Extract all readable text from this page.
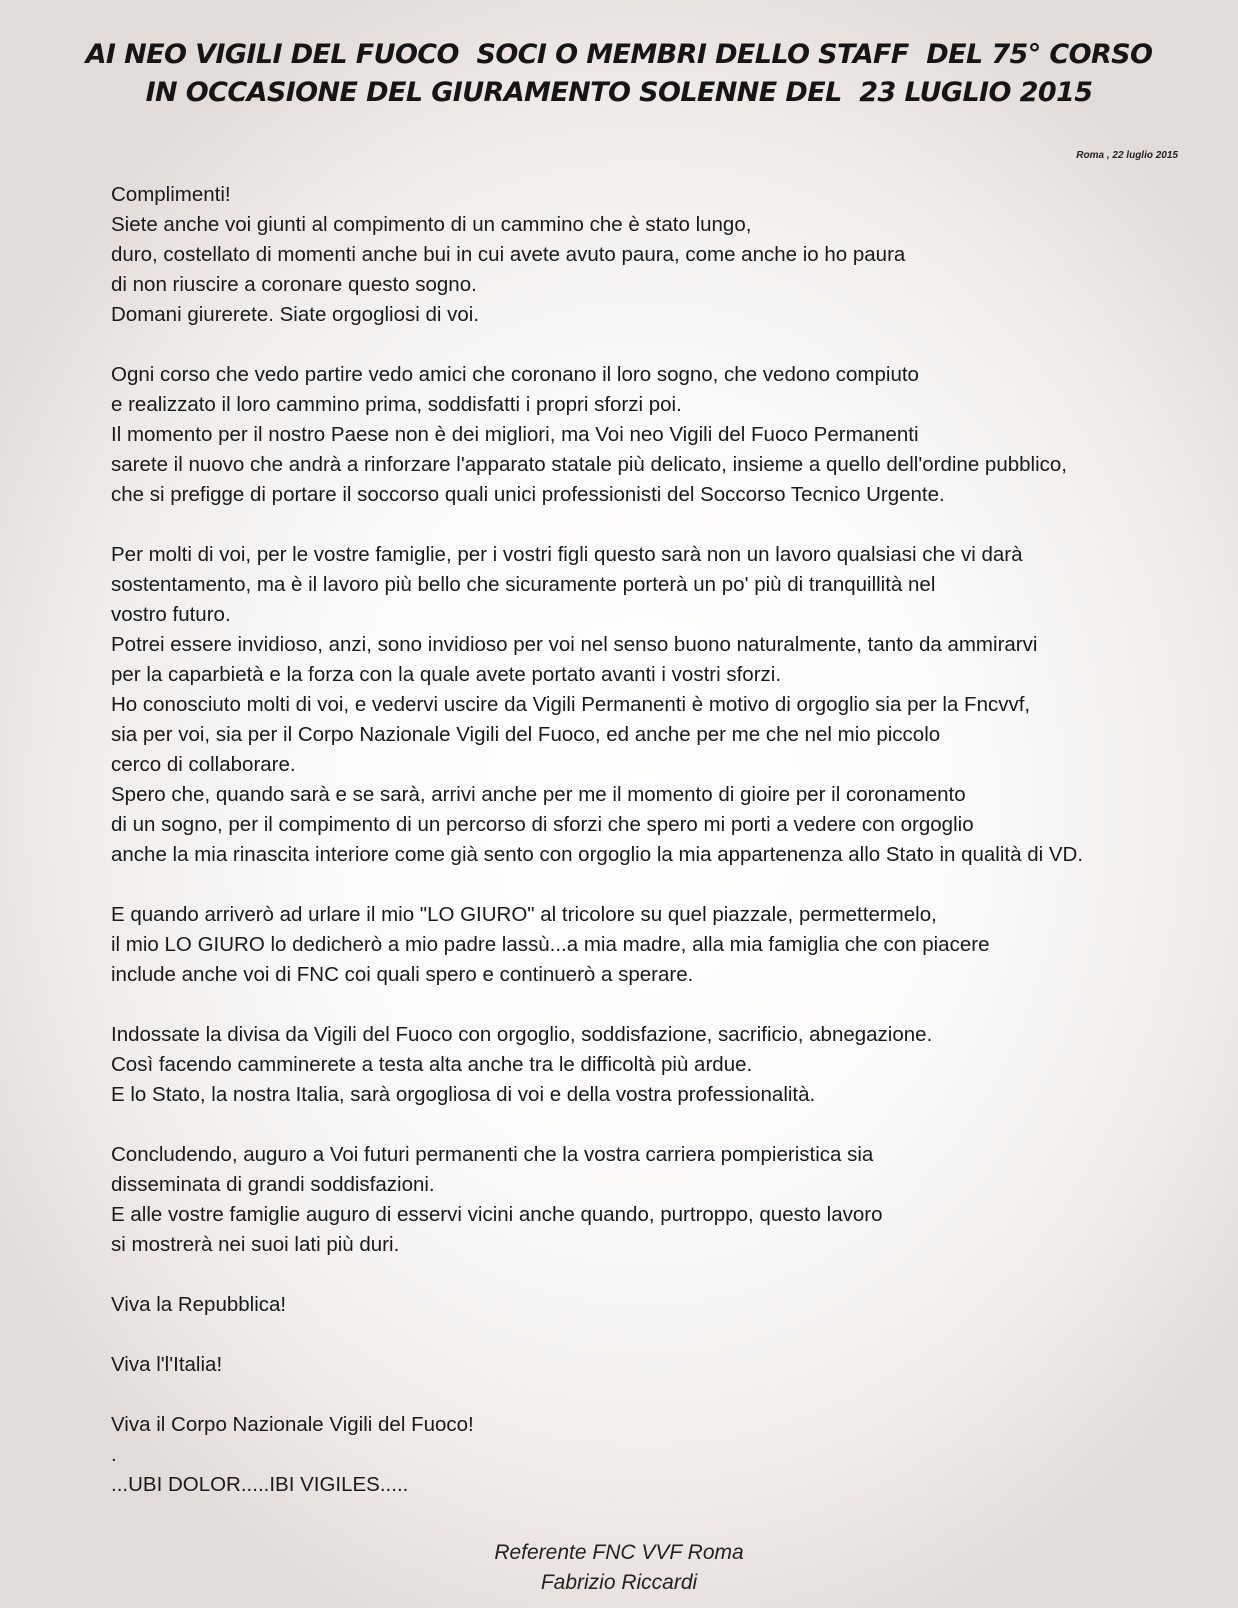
AI NEO VIGILI DEL FUOCO  SOCI O MEMBRI DELLO STAFF  DEL 75° CORSO
IN OCCASIONE DEL GIURAMENTO SOLENNE DEL  23 LUGLIO 2015
Roma , 22 luglio 2015
Complimenti!
Siete anche voi giunti al compimento di un cammino che è stato lungo,
duro, costellato di momenti anche bui in cui avete avuto paura, come anche io ho paura
di non riuscire a coronare questo sogno.
Domani giurerete. Siate orgogliosi di voi.
Ogni corso che vedo partire vedo amici che coronano il loro sogno, che vedono compiuto
e realizzato il loro cammino prima, soddisfatti i propri sforzi poi.
Il momento per il nostro Paese non è dei migliori, ma Voi neo Vigili del Fuoco Permanenti
sarete il nuovo che andrà a rinforzare l'apparato statale più delicato, insieme a quello dell'ordine pubblico,
che si prefigge di portare il soccorso quali unici professionisti del Soccorso Tecnico Urgente.
Per molti di voi, per le vostre famiglie, per i vostri figli questo sarà non un lavoro qualsiasi che vi darà
sostentamento, ma è il lavoro più bello che sicuramente porterà un po' più di tranquillità nel
vostro futuro.
Potrei essere invidioso, anzi, sono invidioso per voi nel senso buono naturalmente, tanto da ammirarvi
per la caparbietà e la forza con la quale avete portato avanti i vostri sforzi.
Ho conosciuto molti di voi, e vedervi uscire da Vigili Permanenti è motivo di orgoglio sia per la Fncvvf,
sia per voi, sia per il Corpo Nazionale Vigili del Fuoco, ed anche per me che nel mio piccolo
cerco di collaborare.
Spero che, quando sarà e se sarà, arrivi anche per me il momento di gioire per il coronamento
di un sogno, per il compimento di un percorso di sforzi che spero mi porti a vedere con orgoglio
anche la mia rinascita interiore come già sento con orgoglio la mia appartenenza allo Stato in qualità di VD.
E quando arriverò ad urlare il mio "LO GIURO" al tricolore su quel piazzale, permettermelo,
il mio LO GIURO lo dedicherò a mio padre lassù...a mia madre, alla mia famiglia che con piacere
include anche voi di FNC coi quali spero e continuerò a sperare.
Indossate la divisa da Vigili del Fuoco con orgoglio, soddisfazione, sacrificio, abnegazione.
Così facendo camminerete a testa alta anche tra le difficoltà più ardue.
E lo Stato, la nostra Italia, sarà orgogliosa di voi e della vostra professionalità.
Concludendo, auguro a Voi futuri permanenti che la vostra carriera pompieristica sia
disseminata di grandi soddisfazioni.
E alle vostre famiglie auguro di esservi vicini anche quando, purtroppo, questo lavoro
si mostrerà nei suoi lati più duri.
Viva la Repubblica!
Viva l'l'Italia!
Viva il Corpo Nazionale Vigili del Fuoco!
.
...UBI DOLOR.....IBI VIGILES.....
Referente FNC VVF Roma
Fabrizio Riccardi
